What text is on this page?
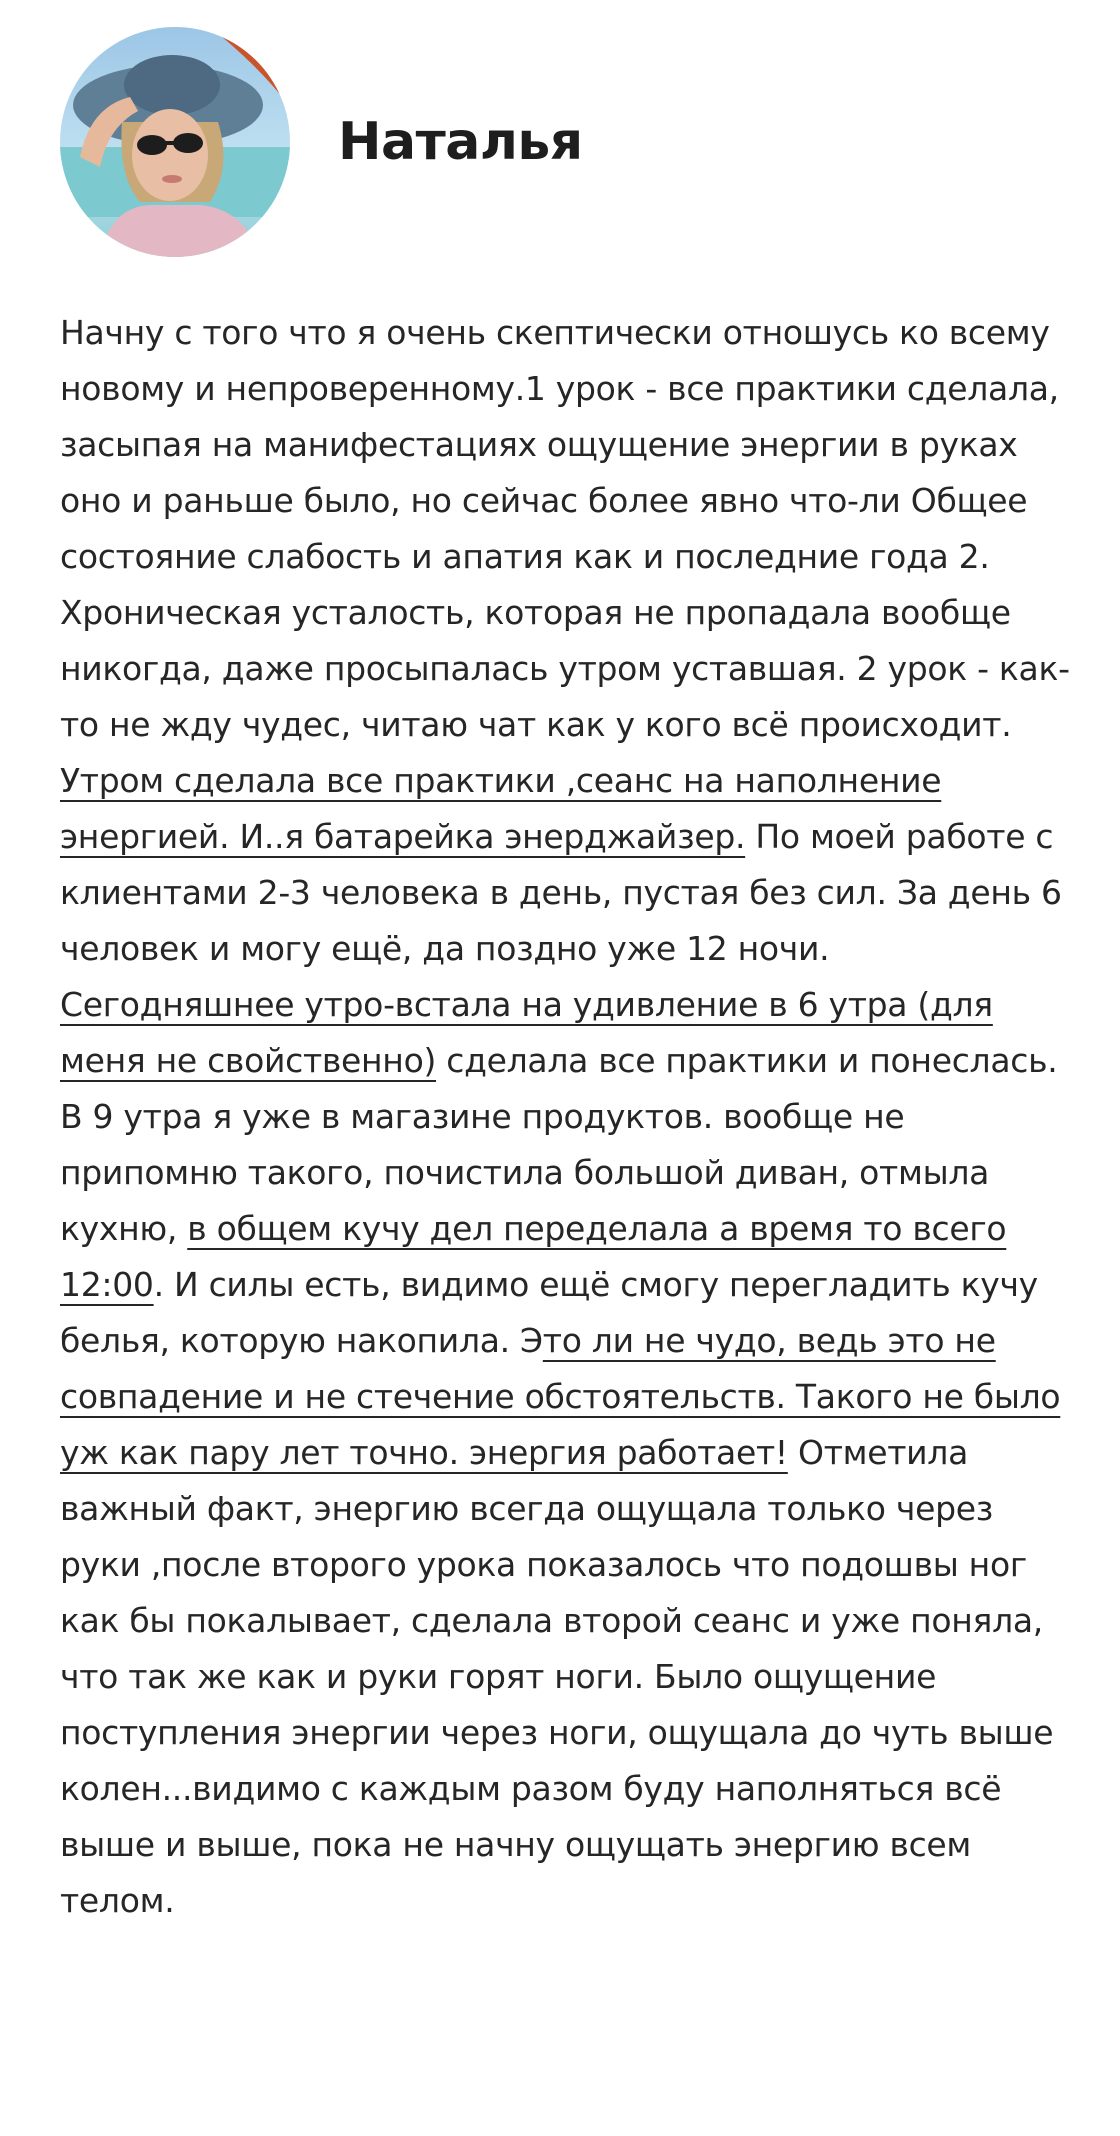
Наталья
Начну с того что я очень скептически отношусь ко всему новому и непроверенному.1 урок - все практики сделала, засыпая на манифестациях ощущение энергии в руках оно и раньше было, но сейчас более явно что-ли Общее состояние слабость и апатия как и последние года 2. Хроническая усталость, которая не пропадала вообще никогда, даже просыпалась утром уставшая. 2 урок - как-то не жду чудес, читаю чат как у кого всё происходит. Утром сделала все практики ,сеанс на наполнение энергией. И..я батарейка энерджайзер. По моей работе с клиентами 2-3 человека в день, пустая без сил. За день 6 человек и могу ещё, да поздно уже 12 ночи. Сегодняшнее утро-встала на удивление в 6 утра (для меня не свойственно) сделала все практики и понеслась. В 9 утра я уже в магазине продуктов. вообще не припомню такого, почистила большой диван, отмыла кухню, в общем кучу дел переделала а время то всего 12:00. И силы есть, видимо ещё смогу перегладить кучу белья, которую накопила. Это ли не чудо, ведь это не совпадение и не стечение обстоятельств. Такого не было уж как пару лет точно. энергия работает! Отметила важный факт, энергию всегда ощущала только через руки ,после второго урока показалось что подошвы ног как бы покалывает, сделала второй сеанс и уже поняла, что так же как и руки горят ноги. Было ощущение поступления энергии через ноги, ощущала до чуть выше колен...видимо с каждым разом буду наполняться всё выше и выше, пока не начну ощущать энергию всем телом.
